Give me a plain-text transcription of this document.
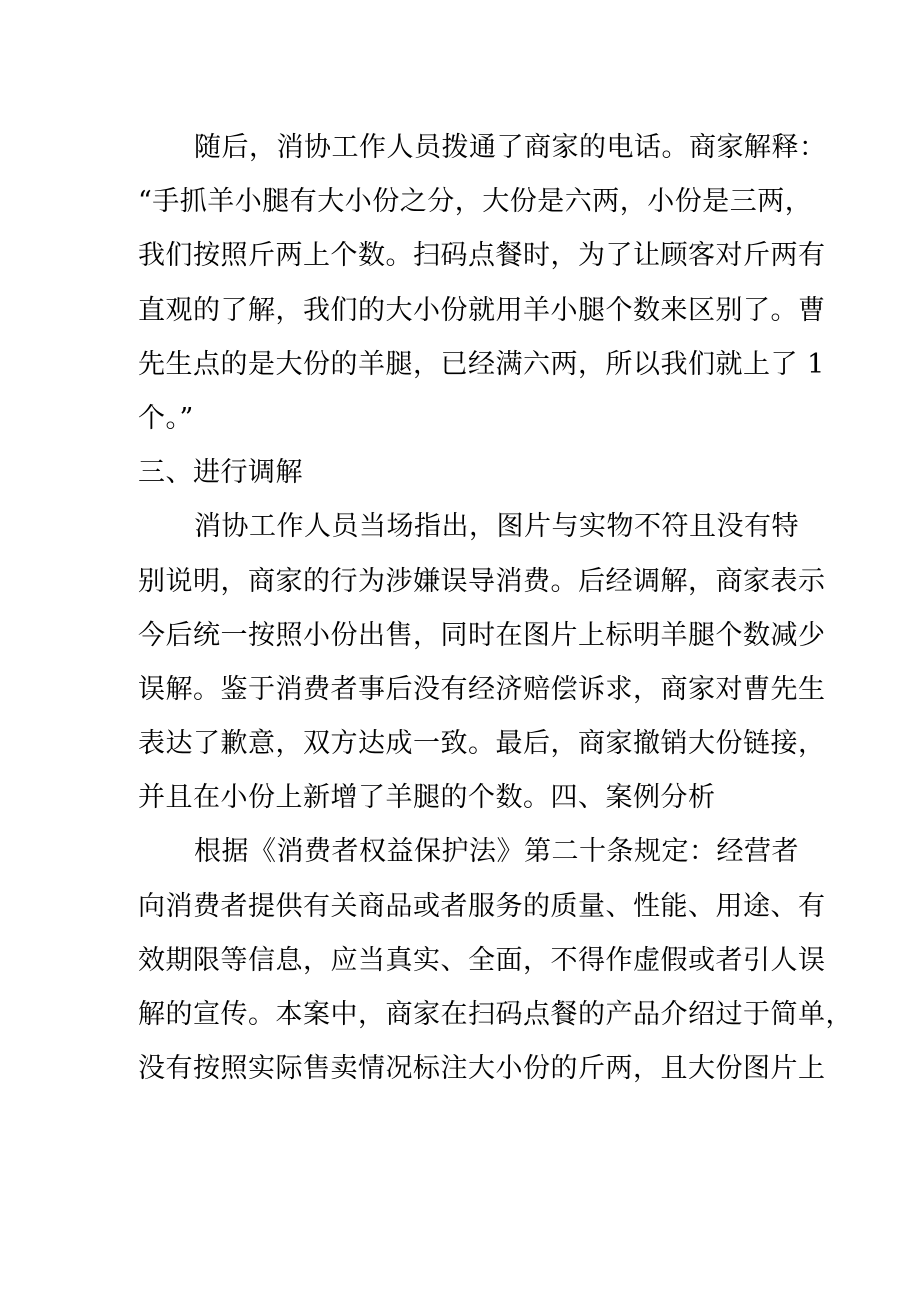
随后，消协工作人员拨通了商家的电话。商家解释：
“手抓羊小腿有大小份之分，大份是六两，小份是三两，
我们按照斤两上个数。扫码点餐时，为了让顾客对斤两有
直观的了解，我们的大小份就用羊小腿个数来区别了。曹
先生点的是大份的羊腿，已经满六两，所以我们就上了 1
个。”
三、进行调解
消协工作人员当场指出，图片与实物不符且没有特
别说明，商家的行为涉嫌误导消费。后经调解，商家表示
今后统一按照小份出售，同时在图片上标明羊腿个数减少
误解。鉴于消费者事后没有经济赔偿诉求，商家对曹先生
表达了歉意，双方达成一致。最后，商家撤销大份链接，
并且在小份上新增了羊腿的个数。四、案例分析
根据《消费者权益保护法》第二十条规定：经营者
向消费者提供有关商品或者服务的质量、性能、用途、有
效期限等信息，应当真实、全面，不得作虚假或者引人误
解的宣传。本案中，商家在扫码点餐的产品介绍过于简单，
没有按照实际售卖情况标注大小份的斤两，且大份图片上
